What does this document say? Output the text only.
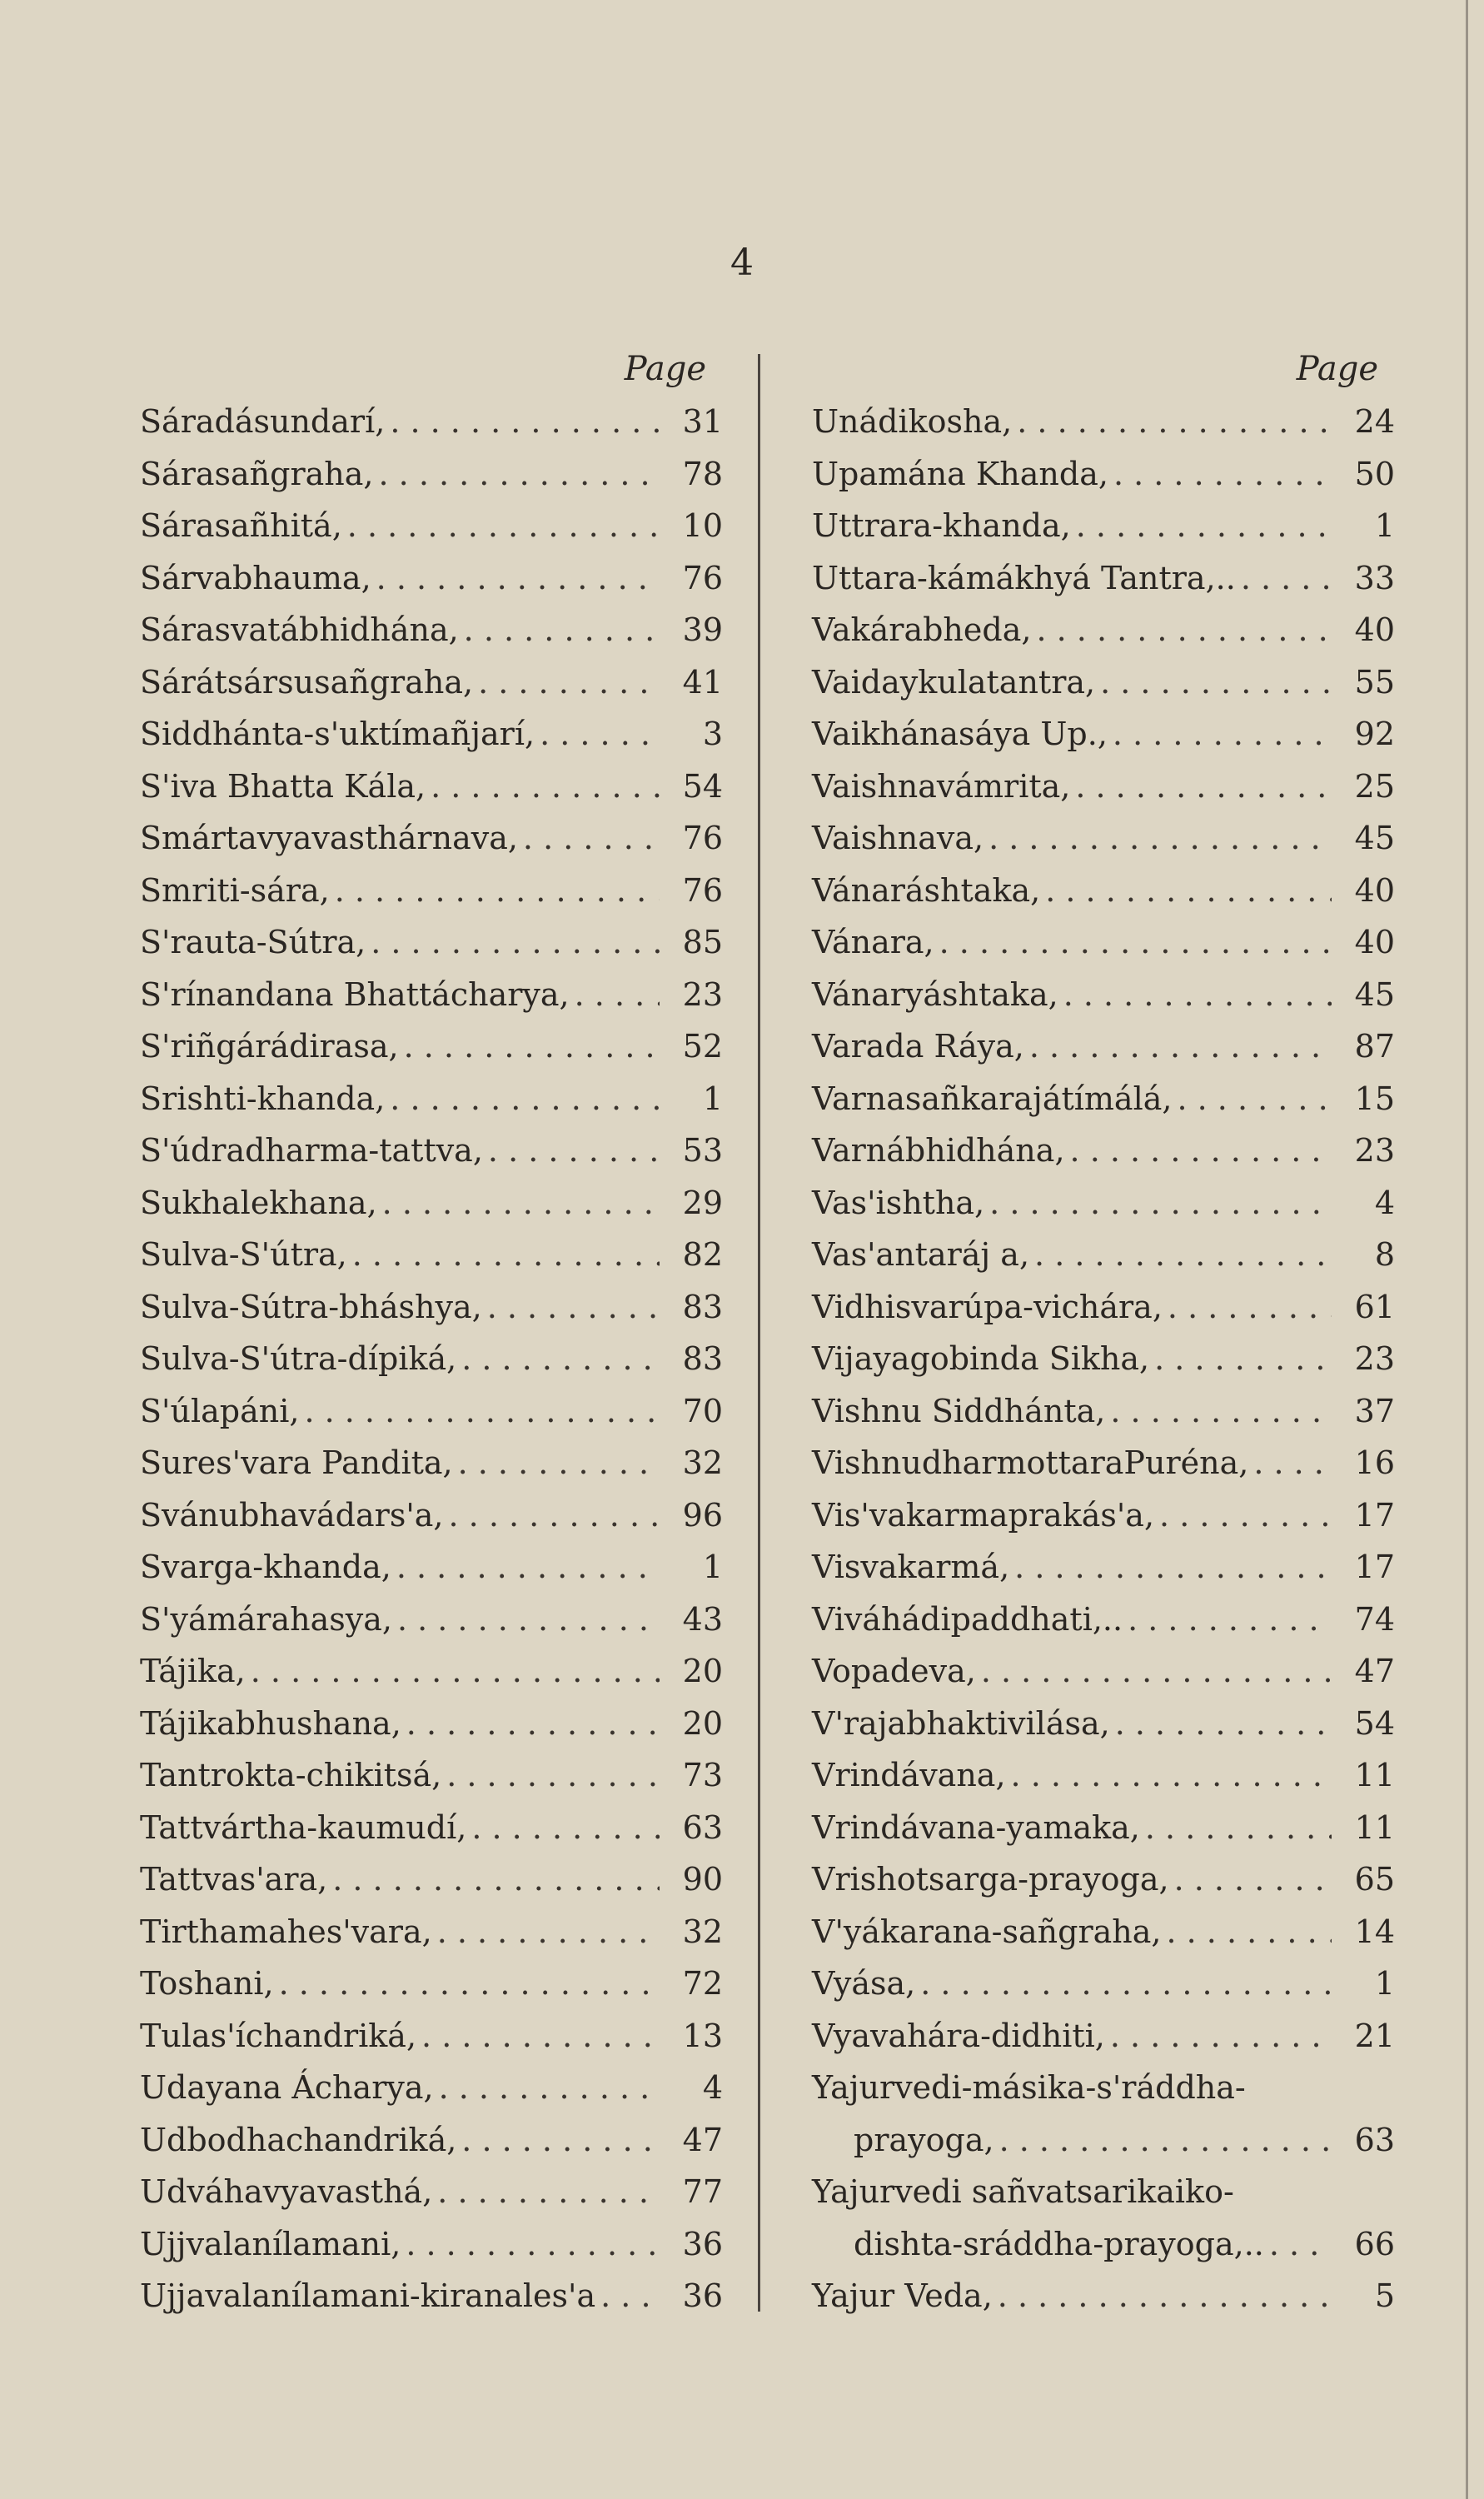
4
Page
Sáradásundarí, . . .	31
Sárasañgraha, . . .	78
Sárasañhitá, . . .	10
Sárvabhauma, . . .	76
Sárasvatábhidhána, . . .	39
Sárátsársusañgraha, . . .	41
Siddhánta-s'uktímañjarí, . . .	3
S'iva Bhatta Kála, . . .	54
Smártavyavasthárnava, . . .	76
Smriti-sára, . . .	76
S'rauta-Sútra, . . .	85
S'rínandana Bhattácharya, . . .	23
S'riñgárádirasa, . . .	52
Srishti-khanda, . . .	1
S'údradharma-tattva, . . .	53
Sukhalekhana, . . .	29
Sulva-S'útra, . . .	82
Sulva-Sútra-bháshya, . . .	83
Sulva-S'útra-dípiká, . . .	83
S'úlapáni, . . .	70
Sures'vara Pandita, . . .	32
Svánubhavádars'a, . . .	96
Svarga-khanda, . . .	1
S'yámárahasya, . . .	43
Tájika, . . .	20
Tájikabhushana, . . .	20
Tantrokta-chikitsá, . . .	73
Tattvártha-kaumudí, . . .	63
Tattvas'ara, . . .	90
Tirthamahes'vara, . . .	32
Toshani, . . .	72
Tulas'íchandriká, . . .	13
Udayana Ácharya, . . .	4
Udbodhachandriká, . . .	47
Udváhavyavasthá, . . .	77
Ujjvalanílamani, . . .	36
Ujjavalanílamani-kiranales'a . . .	36
Page
Unádikosha, . . .	24
Upamána Khanda, . . .	50
Uttrara-khanda, . . .	1
Uttara-kámákhyá Tantra,.. . . .	33
Vakárabheda, . . .	40
Vaidaykulatantra, . . .	55
Vaikhánasáya Up., . . .	92
Vaishnavámrita, . . .	25
Vaishnava, . . .	45
Vánaráshtaka, . . .	40
Vánara, . . .	40
Vánaryáshtaka, . . .	45
Varada Ráya, . . .	87
Varnasañkarajátímálá, . . .	15
Varnábhidhána, . . .	23
Vas'ishtha, . . .	4
Vas'antaráj a, . . .	8
Vidhisvarúpa-vichára, . . .	61
Vijayagobinda Sikha, . . .	23
Vishnu Siddhánta, . . .	37
VishnudharmottaraPuréna, . . .	16
Vis'vakarmaprakás'a, . . .	17
Visvakarmá, . . .	17
Viváhádipaddhati,.. . . .	74
Vopadeva, . . .	47
V'rajabhaktivilása, . . .	54
Vrindávana, . . .	11
Vrindávana-yamaka, . . .	11
Vrishotsarga-prayoga, . . .	65
V'yákarana-sañgraha, . . .	14
Vyása, . . .	1
Vyavahára-didhiti, . . .	21
Yajurvedi-másika-s'ráddha-
prayoga, . . .	63
Yajurvedi sañvatsarikaiko-
dishta-sráddha-prayoga,.. . . .	66
Yajur Veda, . . .	5
